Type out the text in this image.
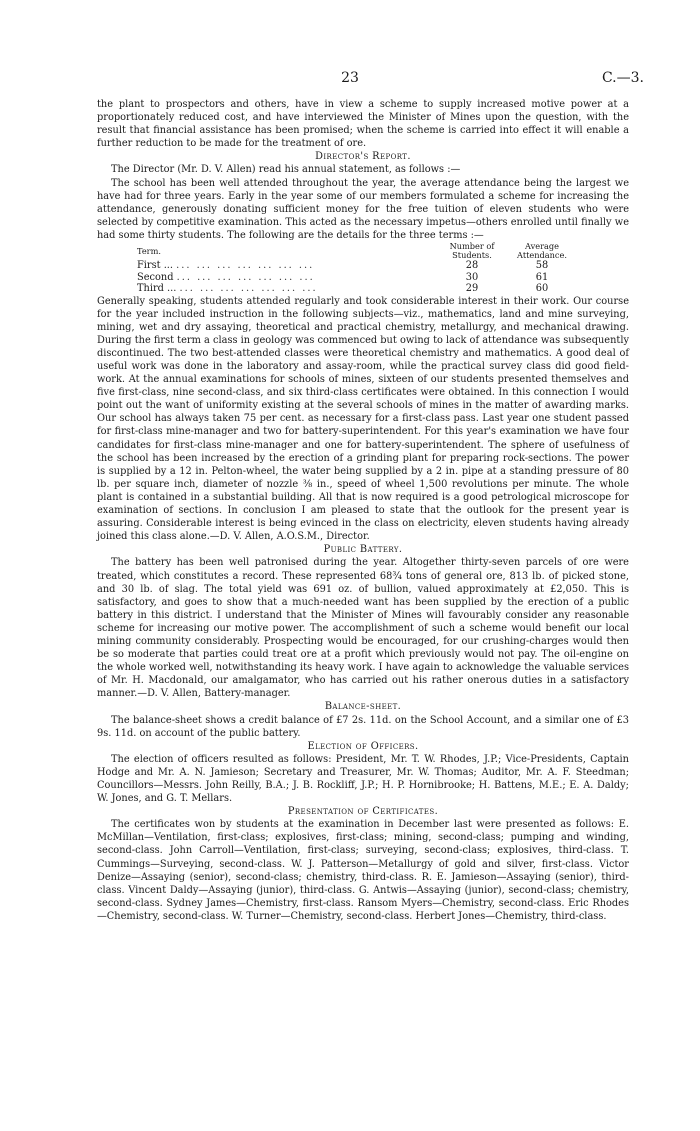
23	C.—3.

the plant to prospectors and others, have in view a scheme to supply increased motive power at a proportionately reduced cost, and have interviewed the Minister of Mines upon the question, with the result that financial assistance has been promised; when the scheme is carried into effect it will enable a further reduction to be made for the treatment of ore.

Director's Report.

The Director (Mr. D. V. Allen) read his annual statement, as follows :—

The school has been well attended throughout the year, the average attendance being the largest we have had for three years. Early in the year some of our members formulated a scheme for increasing the attendance, generously donating sufficient money for the free tuition of eleven students who were selected by competitive examination. This acted as the necessary impetus—others enrolled until finally we had some thirty students. The following are the details for the three terms :—

Term.	Number of Students.	Average Attendance.
First ... ... ... ... ... ... ... ...	28	58
Second ... ... ... ... ... ... ...	30	61
Third ... ... ... ... ... ... ... ...	29	60

Generally speaking, students attended regularly and took considerable interest in their work. Our course for the year included instruction in the following subjects—viz., mathematics, land and mine surveying, mining, wet and dry assaying, theoretical and practical chemistry, metallurgy, and mechanical drawing. During the first term a class in geology was commenced but owing to lack of attendance was subsequently discontinued. The two best-attended classes were theoretical chemistry and mathematics. A good deal of useful work was done in the laboratory and assay-room, while the practical survey class did good field-work. At the annual examinations for schools of mines, sixteen of our students presented themselves and five first-class, nine second-class, and six third-class certificates were obtained. In this connection I would point out the want of uniformity existing at the several schools of mines in the matter of awarding marks. Our school has always taken 75 per cent. as necessary for a first-class pass. Last year one student passed for first-class mine-manager and two for battery-superintendent. For this year's examination we have four candidates for first-class mine-manager and one for battery-superintendent. The sphere of usefulness of the school has been increased by the erection of a grinding plant for preparing rock-sections. The power is supplied by a 12 in. Pelton-wheel, the water being supplied by a 2 in. pipe at a standing pressure of 80 lb. per square inch, diameter of nozzle ⅜ in., speed of wheel 1,500 revolutions per minute. The whole plant is contained in a substantial building. All that is now required is a good petrological microscope for examination of sections. In conclusion I am pleased to state that the outlook for the present year is assuring. Considerable interest is being evinced in the class on electricity, eleven students having already joined this class alone.—D. V. Allen, A.O.S.M., Director.

Public Battery.

The battery has been well patronised during the year. Altogether thirty-seven parcels of ore were treated, which constitutes a record. These represented 68¾ tons of general ore, 813 lb. of picked stone, and 30 lb. of slag. The total yield was 691 oz. of bullion, valued approximately at £2,050. This is satisfactory, and goes to show that a much-needed want has been supplied by the erection of a public battery in this district. I understand that the Minister of Mines will favourably consider any reasonable scheme for increasing our motive power. The accomplishment of such a scheme would benefit our local mining community considerably. Prospecting would be encouraged, for our crushing-charges would then be so moderate that parties could treat ore at a profit which previously would not pay. The oil-engine on the whole worked well, notwithstanding its heavy work. I have again to acknowledge the valuable services of Mr. H. Macdonald, our amalgamator, who has carried out his rather onerous duties in a satisfactory manner.—D. V. Allen, Battery-manager.

Balance-sheet.

The balance-sheet shows a credit balance of £7 2s. 11d. on the School Account, and a similar one of £3 9s. 11d. on account of the public battery.

Election of Officers.

The election of officers resulted as follows: President, Mr. T. W. Rhodes, J.P.; Vice-Presidents, Captain Hodge and Mr. A. N. Jamieson; Secretary and Treasurer, Mr. W. Thomas; Auditor, Mr. A. F. Steedman; Councillors—Messrs. John Reilly, B.A.; J. B. Rockliff, J.P.; H. P. Hornibrooke; H. Battens, M.E.; E. A. Daldy; W. Jones, and G. T. Mellars.

Presentation of Certificates.

The certificates won by students at the examination in December last were presented as follows: E. McMillan—Ventilation, first-class; explosives, first-class; mining, second-class; pumping and winding, second-class. John Carroll—Ventilation, first-class; surveying, second-class; explosives, third-class. T. Cummings—Surveying, second-class. W. J. Patterson—Metallurgy of gold and silver, first-class. Victor Denize—Assaying (senior), second-class; chemistry, third-class. R. E. Jamieson—Assaying (senior), third-class. Vincent Daldy—Assaying (junior), third-class. G. Antwis—Assaying (junior), second-class; chemistry, second-class. Sydney James—Chemistry, first-class. Ransom Myers—Chemistry, second-class. Eric Rhodes—Chemistry, second-class. W. Turner—Chemistry, second-class. Herbert Jones—Chemistry, third-class.
